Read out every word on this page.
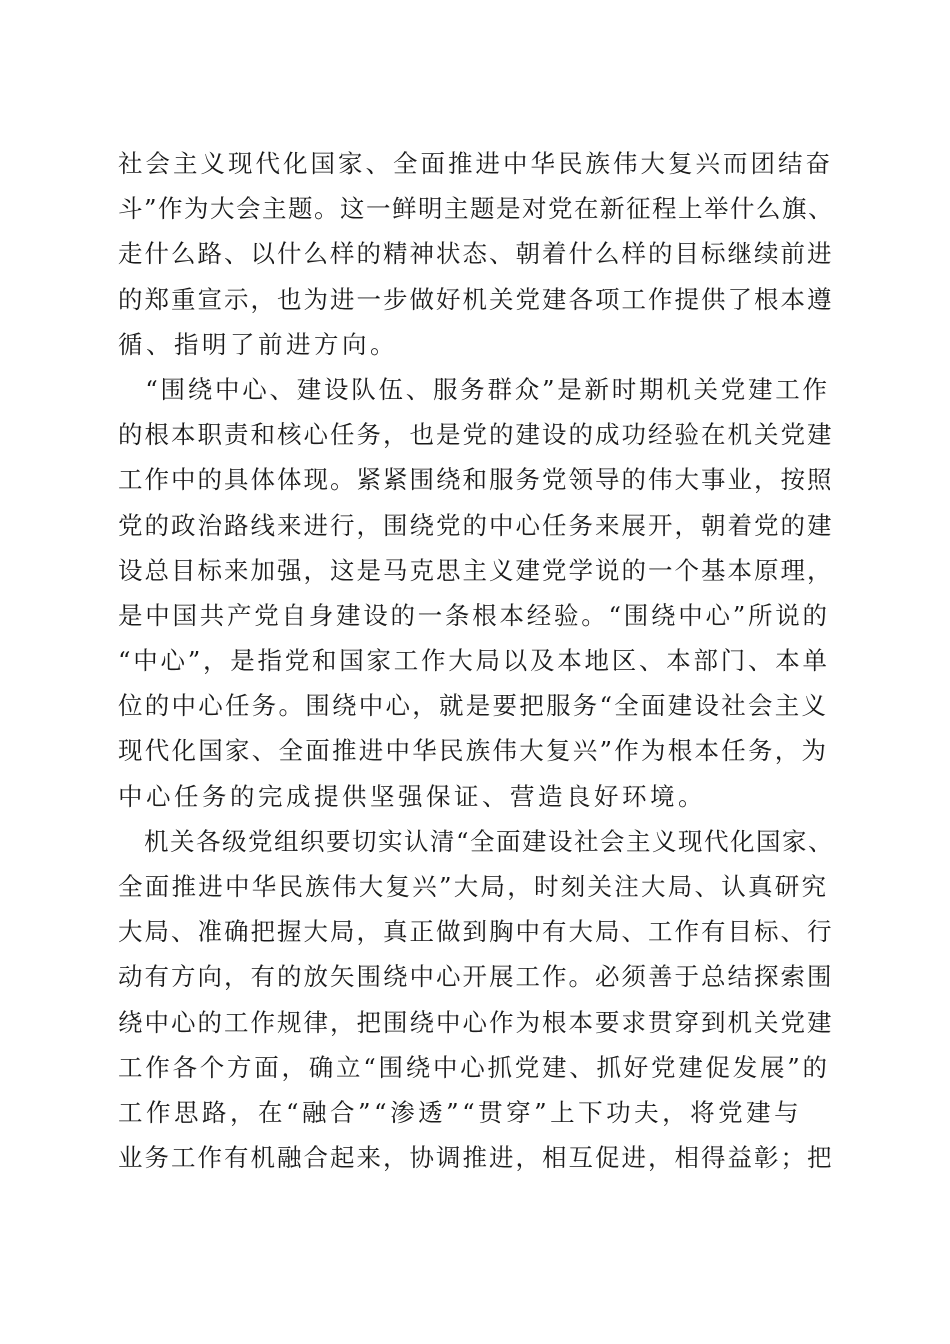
社会主义现代化国家、全面推进中华民族伟大复兴而团结奋
斗”作为大会主题。这一鲜明主题是对党在新征程上举什么旗、
走什么路、以什么样的精神状态、朝着什么样的目标继续前进
的郑重宣示，也为进一步做好机关党建各项工作提供了根本遵
循、指明了前进方向。
　“围绕中心、建设队伍、服务群众”是新时期机关党建工作
的根本职责和核心任务，也是党的建设的成功经验在机关党建
工作中的具体体现。紧紧围绕和服务党领导的伟大事业，按照
党的政治路线来进行，围绕党的中心任务来展开，朝着党的建
设总目标来加强，这是马克思主义建党学说的一个基本原理，
是中国共产党自身建设的一条根本经验。“围绕中心”所说的
“中心”，是指党和国家工作大局以及本地区、本部门、本单
位的中心任务。围绕中心，就是要把服务“全面建设社会主义
现代化国家、全面推进中华民族伟大复兴”作为根本任务，为
中心任务的完成提供坚强保证、营造良好环境。
　机关各级党组织要切实认清“全面建设社会主义现代化国家、
全面推进中华民族伟大复兴”大局，时刻关注大局、认真研究
大局、准确把握大局，真正做到胸中有大局、工作有目标、行
动有方向，有的放矢围绕中心开展工作。必须善于总结探索围
绕中心的工作规律，把围绕中心作为根本要求贯穿到机关党建
工作各个方面，确立“围绕中心抓党建、抓好党建促发展”的
工作思路，在“融合”“渗透”“贯穿”上下功夫，将党建与
业务工作有机融合起来，协调推进，相互促进，相得益彰；把
